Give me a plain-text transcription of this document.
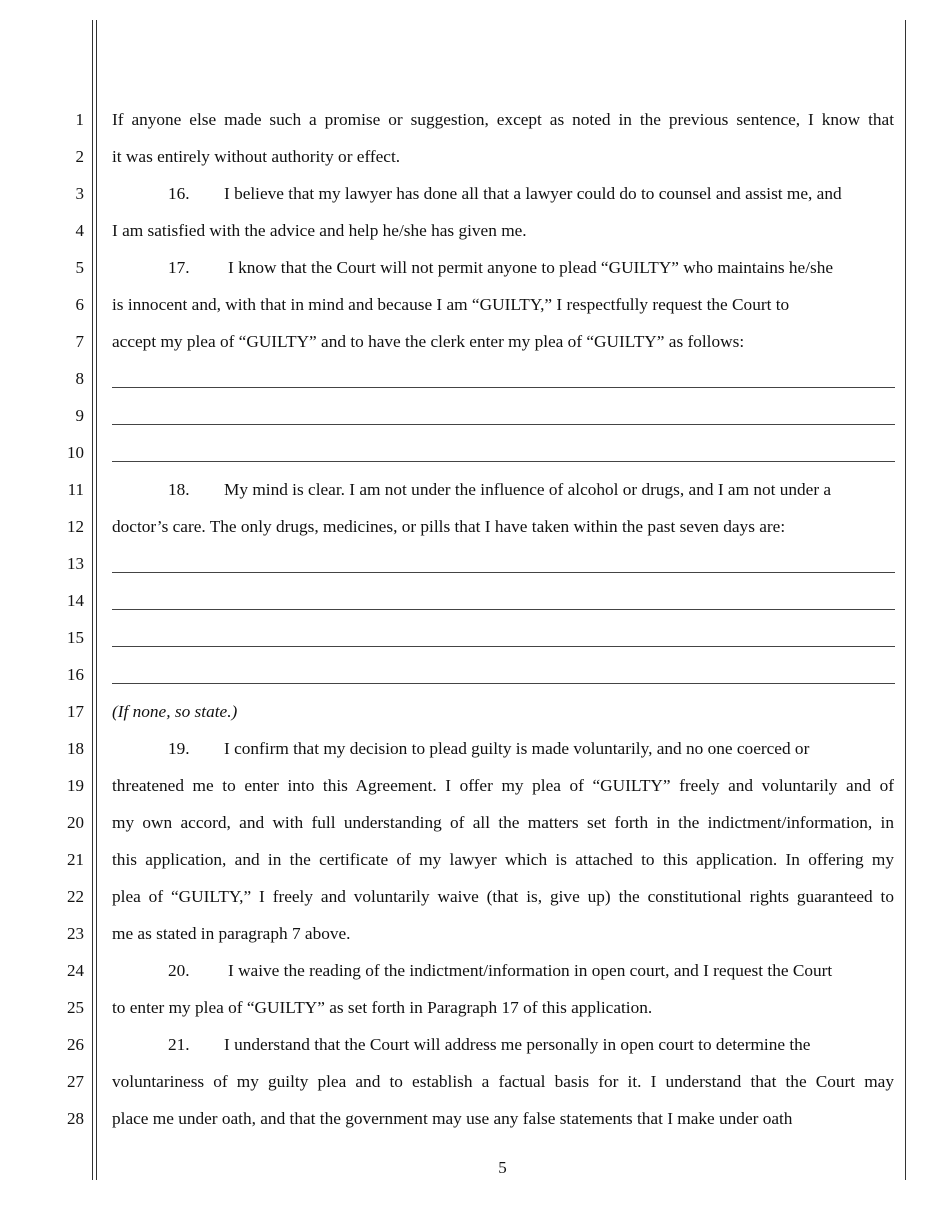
1
2
3
4
5
6
7
8
9
10
11
12
13
14
15
16
17
18
19
20
21
22
23
24
25
26
27
28
If anyone else made such a promise or suggestion, except as noted in the previous sentence, I know that
it was entirely without authority or effect.
16. I believe that my lawyer has done all that a lawyer could do to counsel and assist me, and
I am satisfied with the advice and help he/she has given me.
17. I know that the Court will not permit anyone to plead “GUILTY” who maintains he/she
is innocent and, with that in mind and because I am “GUILTY,” I respectfully request the Court to
accept my plea of “GUILTY” and to have the clerk enter my plea of “GUILTY” as follows:
18. My mind is clear. I am not under the influence of alcohol or drugs, and I am not under a
doctor’s care. The only drugs, medicines, or pills that I have taken within the past seven days are:
(If none, so state.)
19. I confirm that my decision to plead guilty is made voluntarily, and no one coerced or
threatened me to enter into this Agreement. I offer my plea of “GUILTY” freely and voluntarily and of
my own accord, and with full understanding of all the matters set forth in the indictment/information, in
this application, and in the certificate of my lawyer which is attached to this application. In offering my
plea of “GUILTY,” I freely and voluntarily waive (that is, give up) the constitutional rights guaranteed to
me as stated in paragraph 7 above.
20. I waive the reading of the indictment/information in open court, and I request the Court
to enter my plea of “GUILTY” as set forth in Paragraph 17 of this application.
21. I understand that the Court will address me personally in open court to determine the
voluntariness of my guilty plea and to establish a factual basis for it. I understand that the Court may
place me under oath, and that the government may use any false statements that I make under oath
5
